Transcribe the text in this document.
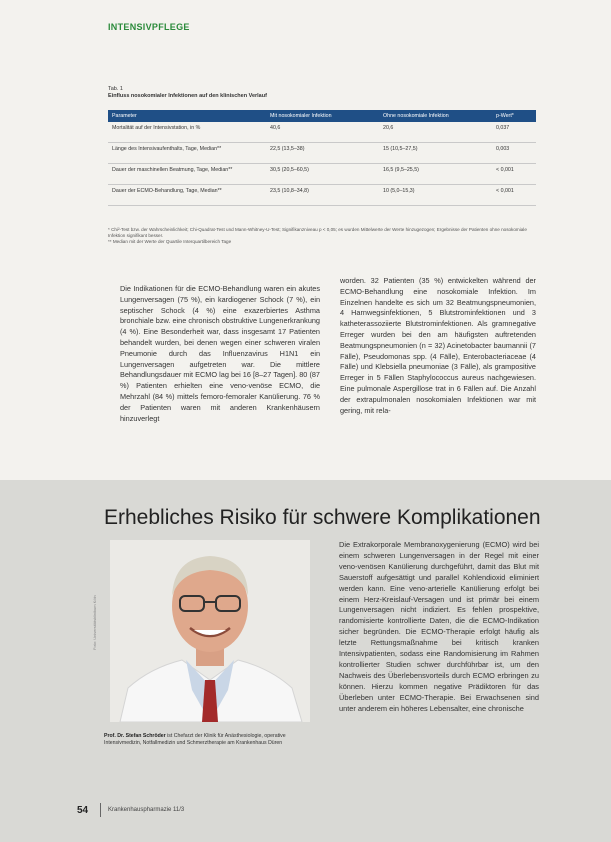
INTENSIVPFLEGE
Tab. 1
Einfluss nosokomialer Infektionen auf den klinischen Verlauf
Parameter	Mit nosokomialer Infektion	Ohne nosokomiale Infektion	p-Wert*
Mortalität auf der Intensivstation, in %	40,6	20,6	0,037
Länge des Intensivaufenthalts, Tage, Median**	22,5 (13,5–38)	15 (10,5–27,5)	0,003
Dauer der maschinellen Beatmung, Tage, Median**	30,5 (20,5–60,5)	16,5 (9,5–25,5)	< 0,001
Dauer der ECMO-Behandlung, Tage, Median**	23,5 (10,8–34,8)	10 (5,0–15,3)	< 0,001
* Chi²-Test bzw. der Wahrscheinlichkeit; Chi-Quadrat-Test und Mann-Whitney-U-Test; Signifikanzniveau p < 0,05; es wurden Mittelwerte der Werte hinzugezogen; Ergebnisse der Patienten ohne nosokomiale Infektion signifikant besser.
** Median mit der Werte der Quartile Interquartilbereich Tage
Die Indikationen für die ECMO-Behandlung waren ein akutes Lungenversagen (75 %), ein kardiogener Schock (7 %), ein septischer Schock (4 %) eine exazerbiertes Asthma bronchiale bzw. eine chronisch obstruktive Lungenerkrankung (4 %). Eine Besonderheit war, dass insgesamt 17 Patienten behandelt wurden, bei denen wegen einer schweren viralen Pneumonie durch das Influenzavirus H1N1 ein Lungenversagen aufgetreten war. Die mittlere Behandlungsdauer mit ECMO lag bei 16 [8–27 Tagen]. 80 (87 %) Patienten erhielten eine veno-venöse ECMO, die Mehrzahl (84 %) mittels femoro-femoraler Kanülierung. 76 % der Patienten waren mit anderen Krankenhäusern hinzuverlegt
worden. 32 Patienten (35 %) entwickelten während der ECMO-Behandlung eine nosokomiale Infektion. Im Einzelnen handelte es sich um 32 Beatmungspneumonien, 4 Harnwegsinfektionen, 5 Blutstrominfektionen und 3 katheterassoziierte Blutstrominfektionen. Als gramnegative Erreger wurden bei den am häufigsten auftretenden Beatmungspneumonien (n = 32) Acinetobacter baumannii (7 Fälle), Pseudomonas spp. (4 Fälle), Enterobacteriaceae (4 Fälle) und Klebsiella pneumoniae (3 Fälle), als grampositive Erreger in 5 Fällen Staphylococcus aureus nachgewiesen. Eine pulmonale Aspergillose trat in 6 Fällen auf. Die Anzahl der extrapulmonalen nosokomialen Infektionen war mit gering, mit rela-
Erhebliches Risiko für schwere Komplikationen
Foto: Universitätsklinikum Köln
Prof. Dr. Stefan Schröder ist Chefarzt der Klinik für Anästhesiologie, operative Intensivmedizin, Notfallmedizin und Schmerztherapie am Krankenhaus Düren
Die Extrakorporale Membranoxygenierung (ECMO) wird bei einem schweren Lungenversagen in der Regel mit einer veno-venösen Kanülierung durchgeführt, damit das Blut mit Sauerstoff aufgesättigt und parallel Kohlendioxid eliminiert werden kann. Eine veno-arterielle Kanülierung erfolgt bei einem Herz-Kreislauf-Versagen und ist primär bei einem Lungenversagen nicht indiziert. Es fehlen prospektive, randomisierte kontrollierte Daten, die die ECMO-Indikation sicher begründen. Die ECMO-Therapie erfolgt häufig als letzte Rettungsmaßnahme bei kritisch kranken Intensivpatienten, sodass eine Randomisierung im Rahmen kontrollierter Studien schwer durchführbar ist, um den Nachweis des Überlebensvorteils durch ECMO erbringen zu können. Hierzu kommen negative Prädiktoren für das Überleben unter ECMO-Therapie. Bei Erwachsenen sind unter anderem ein höheres Lebensalter, eine chronische
54	Krankenhauspharmazie 11/3
